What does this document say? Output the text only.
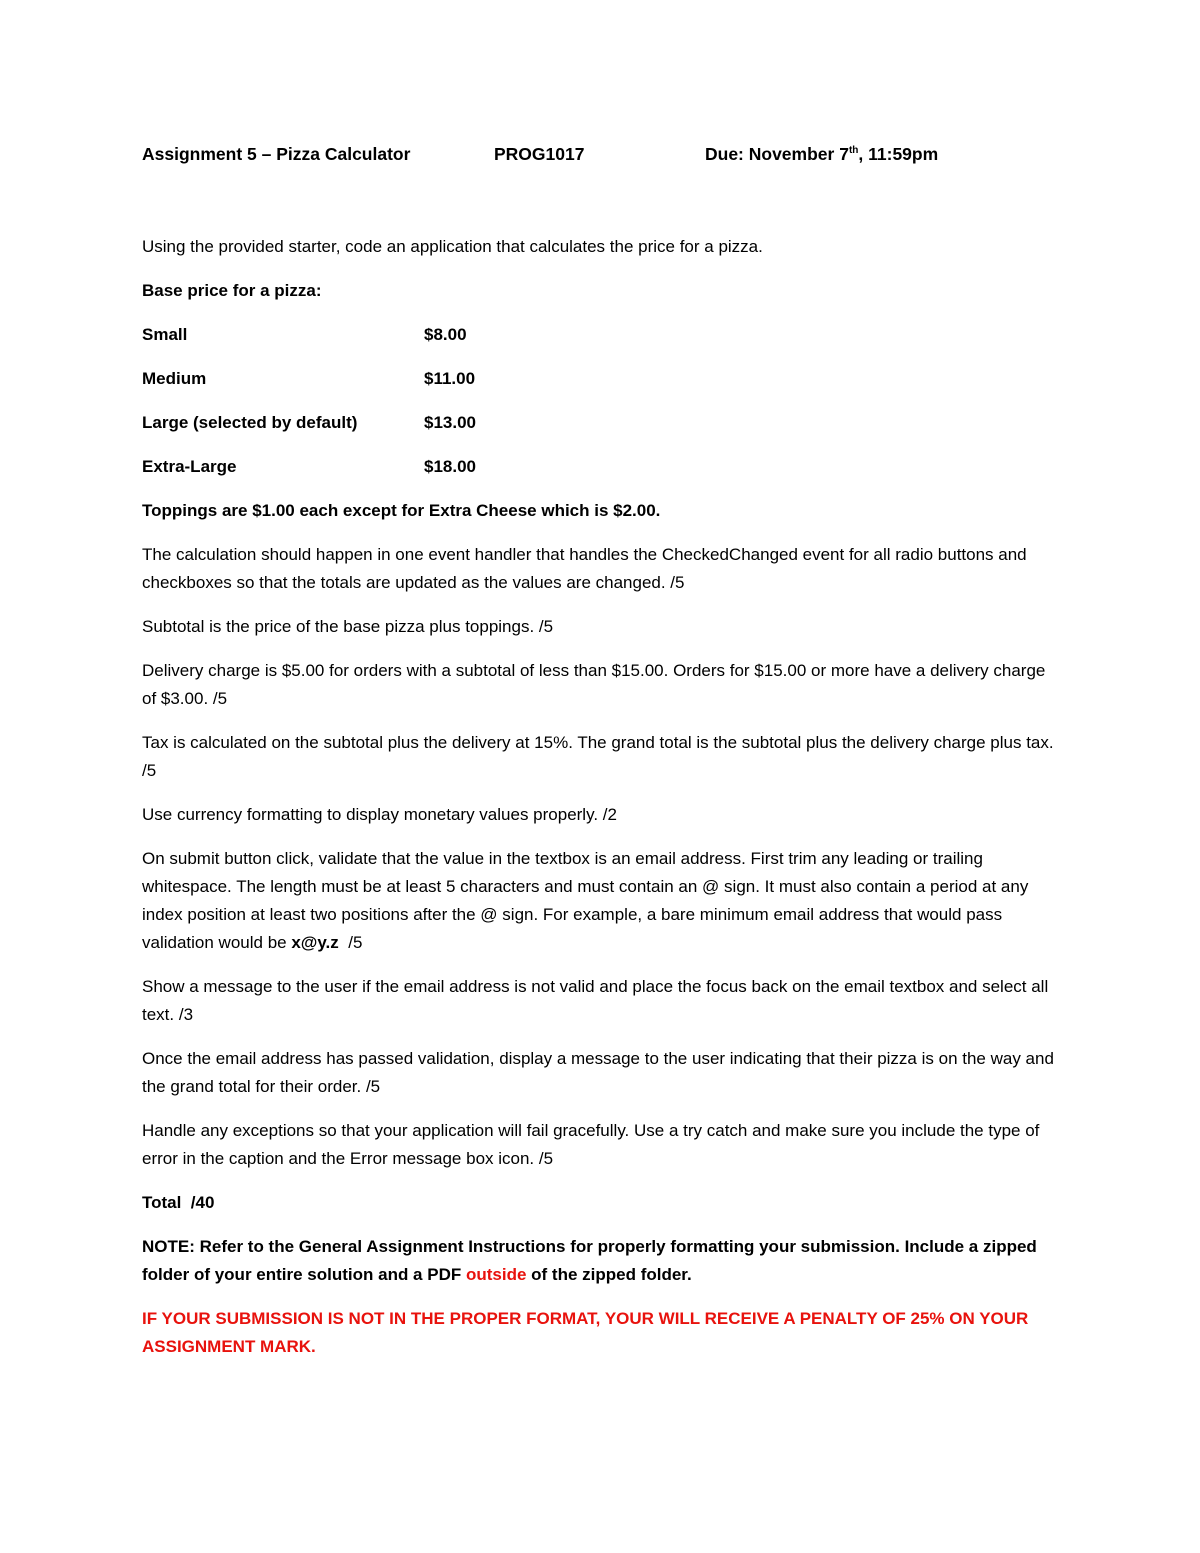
Assignment 5 – Pizza Calculator	PROG1017	Due: November 7th, 11:59pm

Using the provided starter, code an application that calculates the price for a pizza.

Base price for a pizza:

Small	$8.00
Medium	$11.00
Large (selected by default)	$13.00
Extra-Large	$18.00

Toppings are $1.00 each except for Extra Cheese which is $2.00.

The calculation should happen in one event handler that handles the CheckedChanged event for all radio buttons and checkboxes so that the totals are updated as the values are changed. /5

Subtotal is the price of the base pizza plus toppings. /5

Delivery charge is $5.00 for orders with a subtotal of less than $15.00. Orders for $15.00 or more have a delivery charge of $3.00. /5

Tax is calculated on the subtotal plus the delivery at 15%. The grand total is the subtotal plus the delivery charge plus tax. /5

Use currency formatting to display monetary values properly. /2

On submit button click, validate that the value in the textbox is an email address. First trim any leading or trailing whitespace. The length must be at least 5 characters and must contain an @ sign. It must also contain a period at any index position at least two positions after the @ sign. For example, a bare minimum email address that would pass validation would be x@y.z  /5

Show a message to the user if the email address is not valid and place the focus back on the email textbox and select all text. /3

Once the email address has passed validation, display a message to the user indicating that their pizza is on the way and the grand total for their order. /5

Handle any exceptions so that your application will fail gracefully. Use a try catch and make sure you include the type of error in the caption and the Error message box icon. /5

Total  /40

NOTE: Refer to the General Assignment Instructions for properly formatting your submission. Include a zipped folder of your entire solution and a PDF outside of the zipped folder.

IF YOUR SUBMISSION IS NOT IN THE PROPER FORMAT, YOUR WILL RECEIVE A PENALTY OF 25% ON YOUR ASSIGNMENT MARK.
